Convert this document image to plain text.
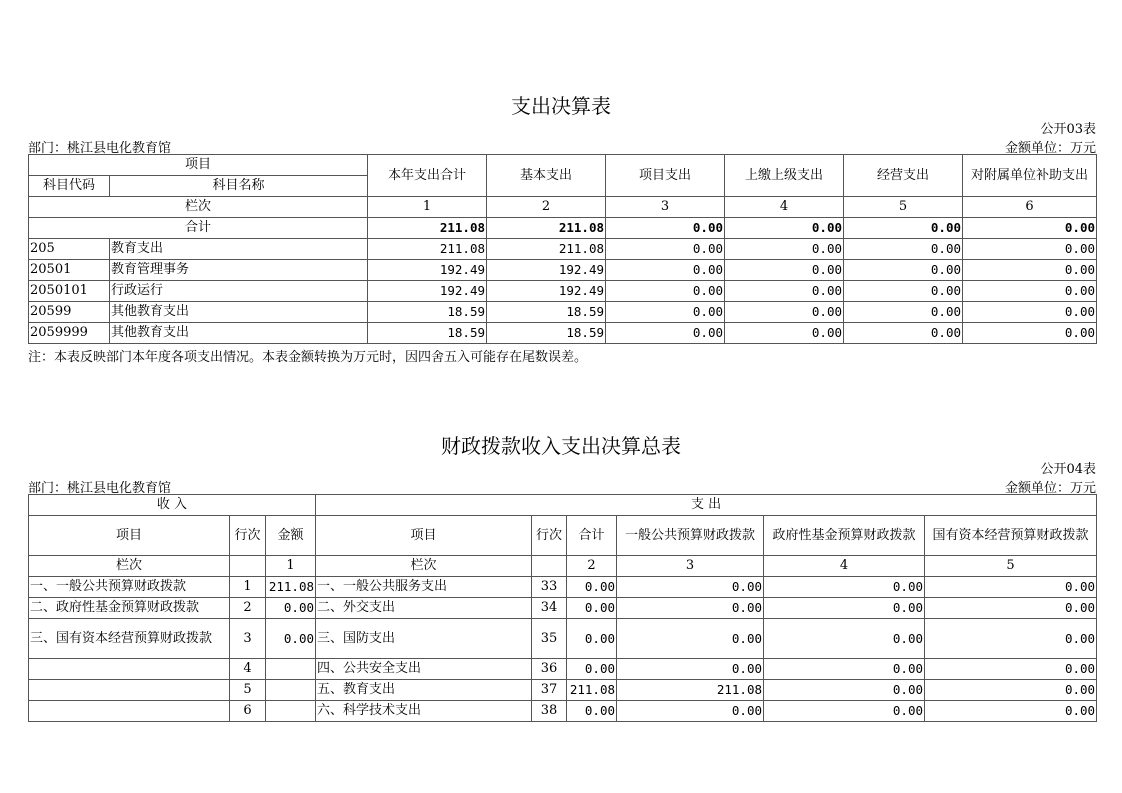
支出决算表
公开03表
部门：桃江县电化教育馆	金额单位：万元
项目		本年支出合计	基本支出	项目支出	上缴上级支出	经营支出	对附属单位补助支出
科目代码	科目名称						
栏次		1	2	3	4	5	6
合计		211.08	211.08	0.00	0.00	0.00	0.00
205	教育支出	211.08	211.08	0.00	0.00	0.00	0.00
20501	教育管理事务	192.49	192.49	0.00	0.00	0.00	0.00
2050101	行政运行	192.49	192.49	0.00	0.00	0.00	0.00
20599	其他教育支出	18.59	18.59	0.00	0.00	0.00	0.00
2059999	其他教育支出	18.59	18.59	0.00	0.00	0.00	0.00
注：本表反映部门本年度各项支出情况。本表金额转换为万元时，因四舍五入可能存在尾数误差。
财政拨款收入支出决算总表
公开04表
部门：桃江县电化教育馆	金额单位：万元
收 入			支 出					
项目	行次	金额	项目	行次	合计	一般公共预算财政拨款	政府性基金预算财政拨款	国有资本经营预算财政拨款
栏次		1	栏次		2	3	4	5
一、一般公共预算财政拨款	1	211.08	一、一般公共服务支出	33	0.00	0.00	0.00	0.00
二、政府性基金预算财政拨款	2	0.00	二、外交支出	34	0.00	0.00	0.00	0.00
三、国有资本经营预算财政拨款	3	0.00	三、国防支出	35	0.00	0.00	0.00	0.00
	4		四、公共安全支出	36	0.00	0.00	0.00	0.00
	5		五、教育支出	37	211.08	211.08	0.00	0.00
	6		六、科学技术支出	38	0.00	0.00	0.00	0.00
